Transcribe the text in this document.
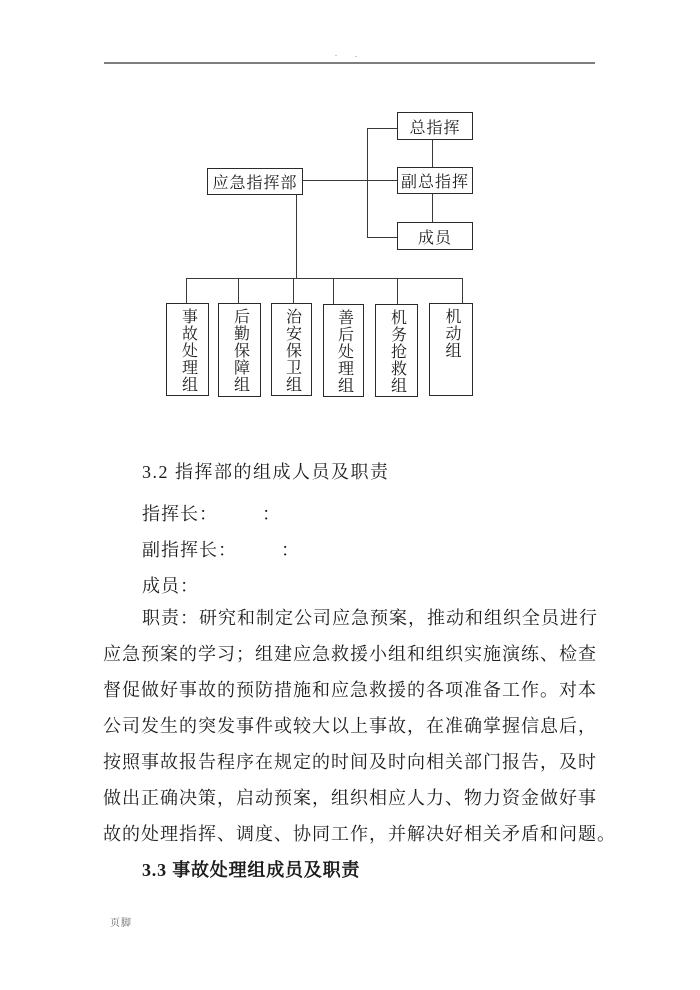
. .
应急指挥部
总指挥
副总指挥
成员
事故处理组 后勤保障组 治安保卫组 善后处理组 机务抢救组 机动组
3.2 指挥部的组成人员及职责
指挥长：        ：
副指挥长：        ：
成员：
职责：研究和制定公司应急预案，推动和组织全员进行
应急预案的学习；组建应急救援小组和组织实施演练、检查
督促做好事故的预防措施和应急救援的各项准备工作。对本
公司发生的突发事件或较大以上事故，在准确掌握信息后，
按照事故报告程序在规定的时间及时向相关部门报告，及时
做出正确决策，启动预案，组织相应人力、物力资金做好事
故的处理指挥、调度、协同工作，并解决好相关矛盾和问题。
3.3 事故处理组成员及职责
页脚
